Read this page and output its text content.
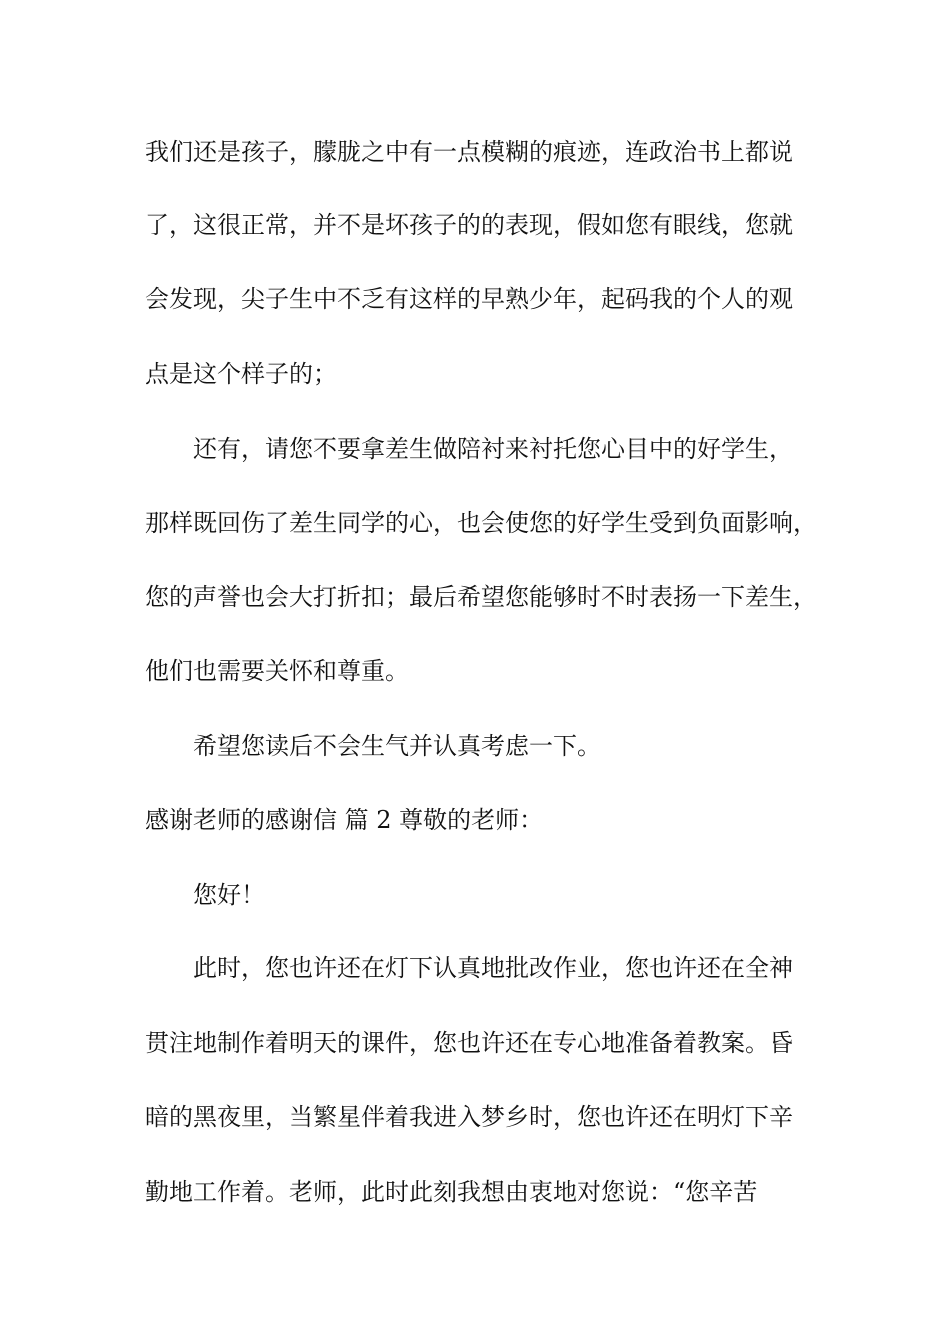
我们还是孩子，朦胧之中有一点模糊的痕迹，连政治书上都说

了，这很正常，并不是坏孩子的的表现，假如您有眼线，您就

会发现，尖子生中不乏有这样的早熟少年，起码我的个人的观

点是这个样子的；

还有，请您不要拿差生做陪衬来衬托您心目中的好学生，

那样既回伤了差生同学的心，也会使您的好学生受到负面影响，

您的声誉也会大打折扣；最后希望您能够时不时表扬一下差生，

他们也需要关怀和尊重。

希望您读后不会生气并认真考虑一下。

感谢老师的感谢信 篇 2 尊敬的老师：

您好！

此时，您也许还在灯下认真地批改作业，您也许还在全神

贯注地制作着明天的课件，您也许还在专心地准备着教案。昏

暗的黑夜里，当繁星伴着我进入梦乡时，您也许还在明灯下辛

勤地工作着。老师，此时此刻我想由衷地对您说：“您辛苦
